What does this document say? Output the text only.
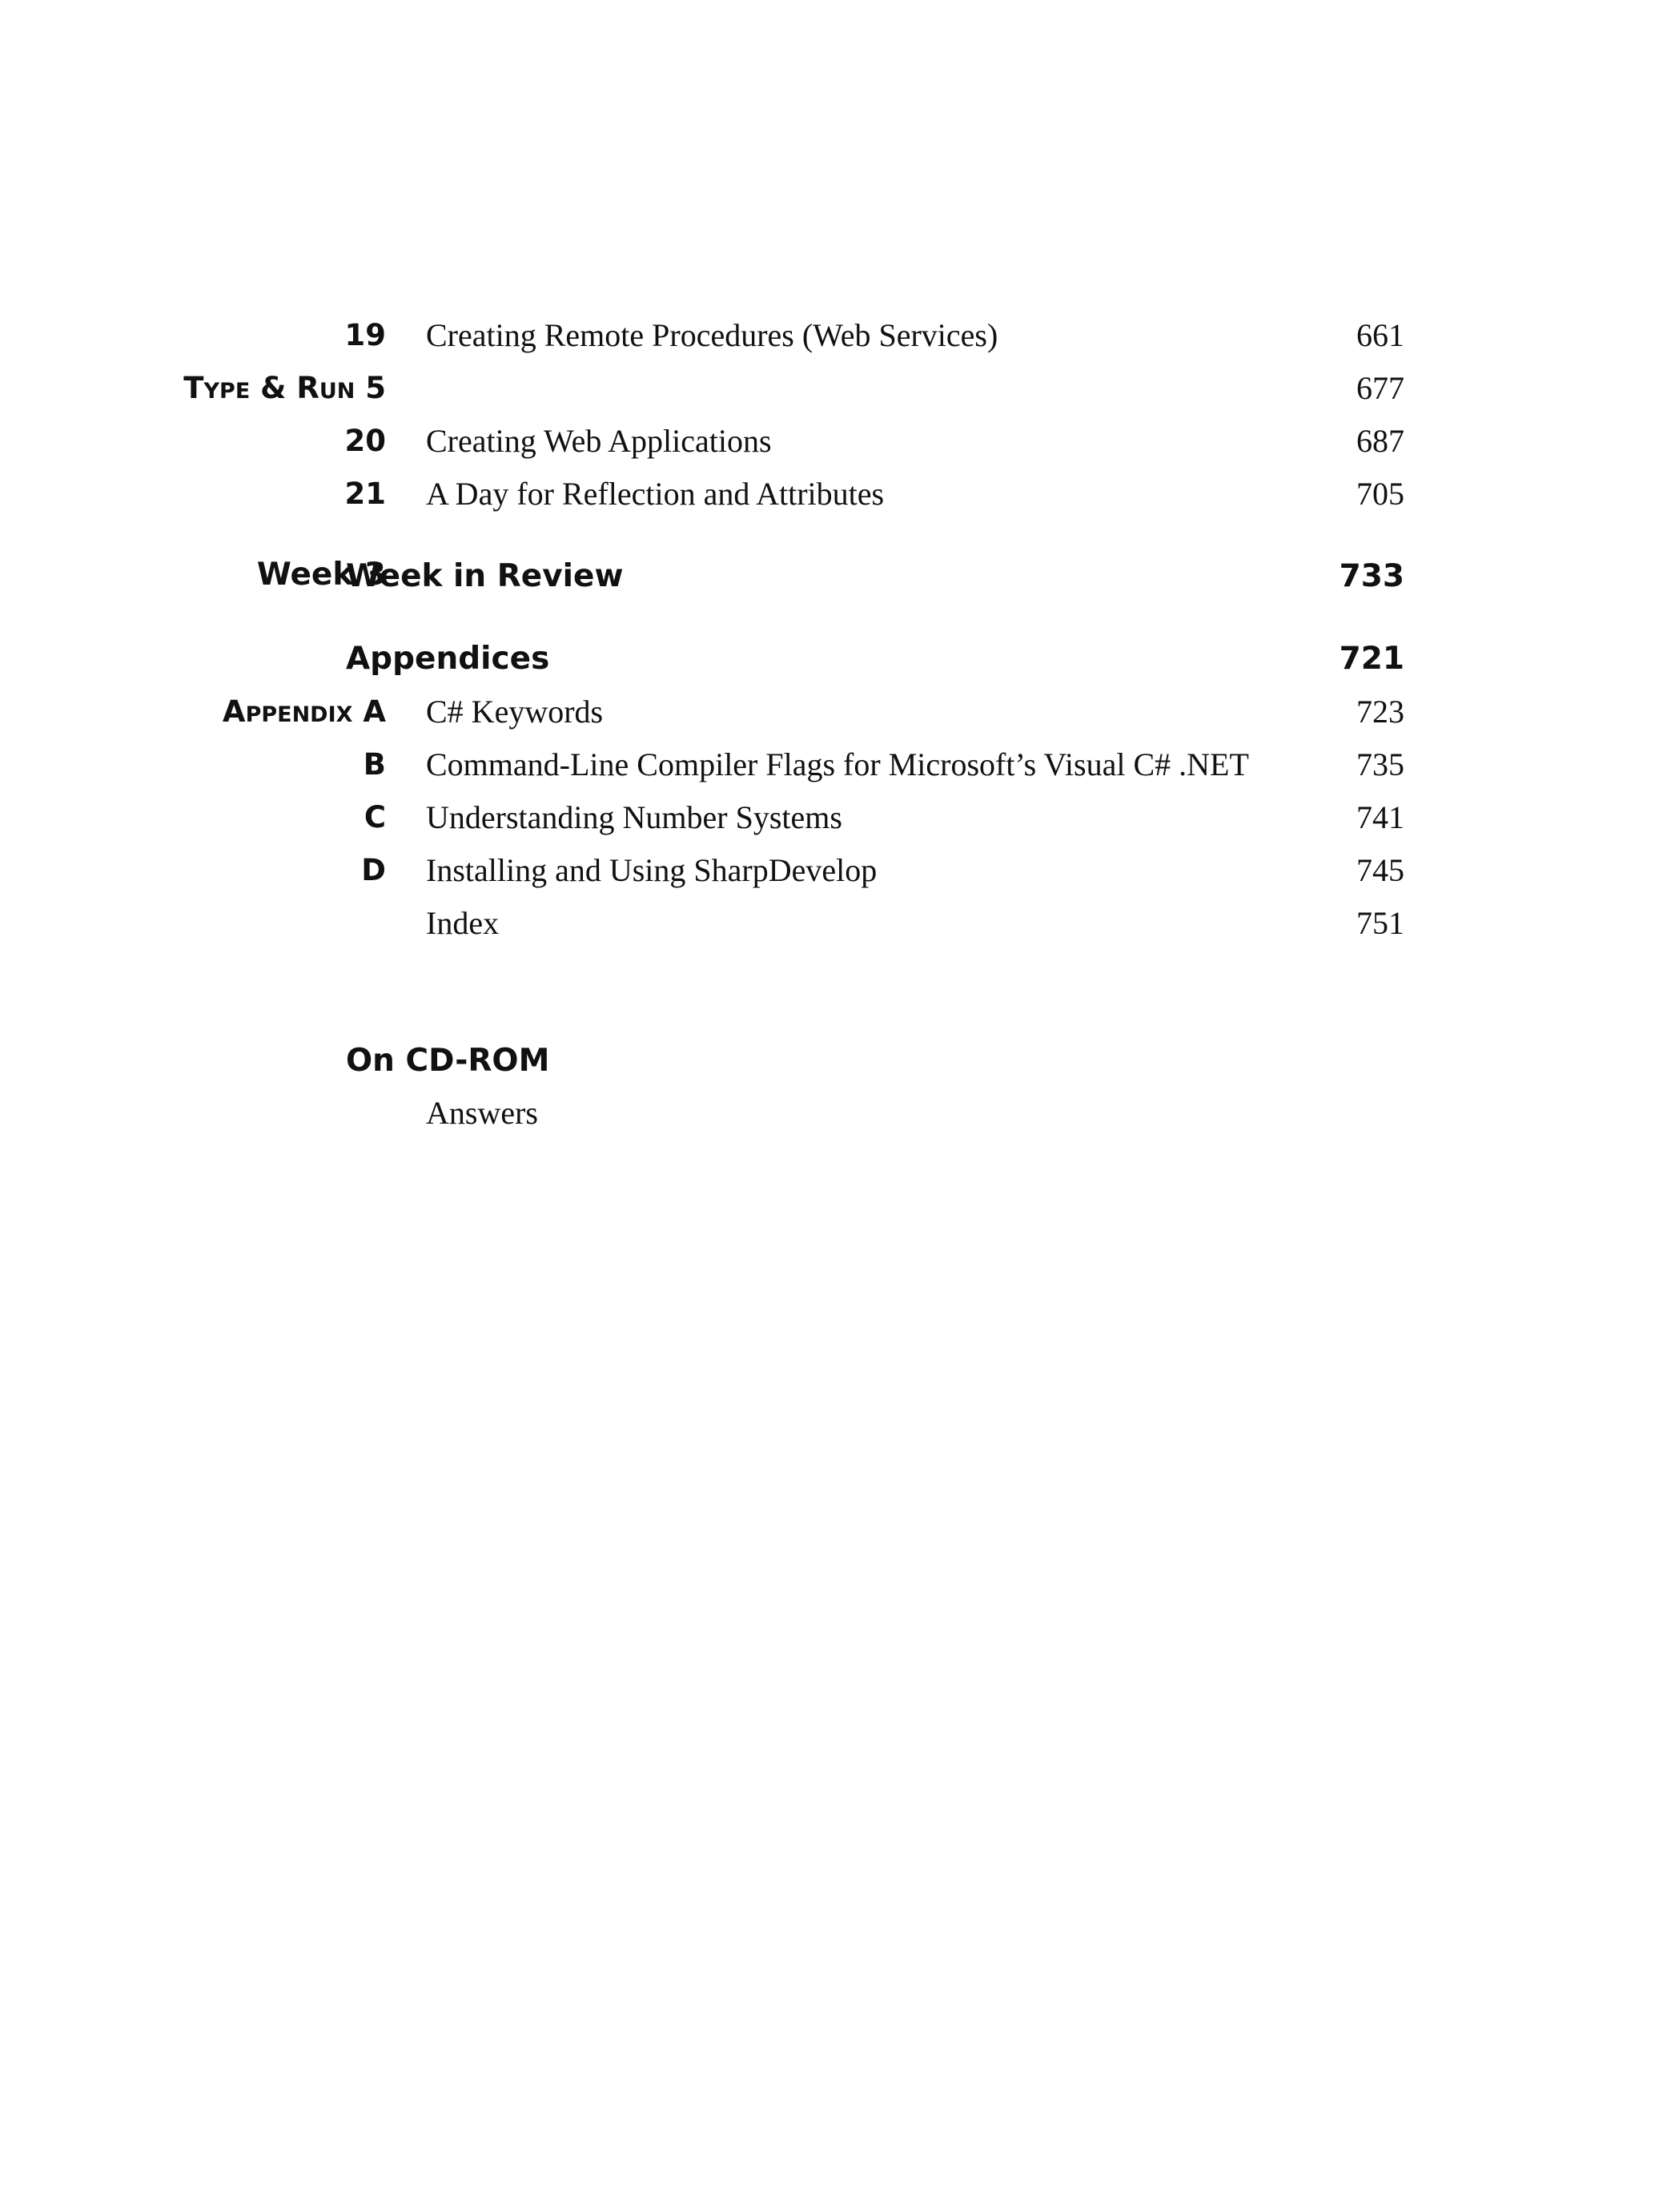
19 Creating Remote Procedures (Web Services)	661
TYPE & RUN 5	677
20 Creating Web Applications	687
21 A Day for Reflection and Attributes	705
Week 3
Week in Review	733
Appendices	721
APPENDIX A C# Keywords	723
B Command-Line Compiler Flags for Microsoft’s Visual C# .NET	735
C Understanding Number Systems	741
D Installing and Using SharpDevelop	745
Index	751
On CD-ROM
Answers
